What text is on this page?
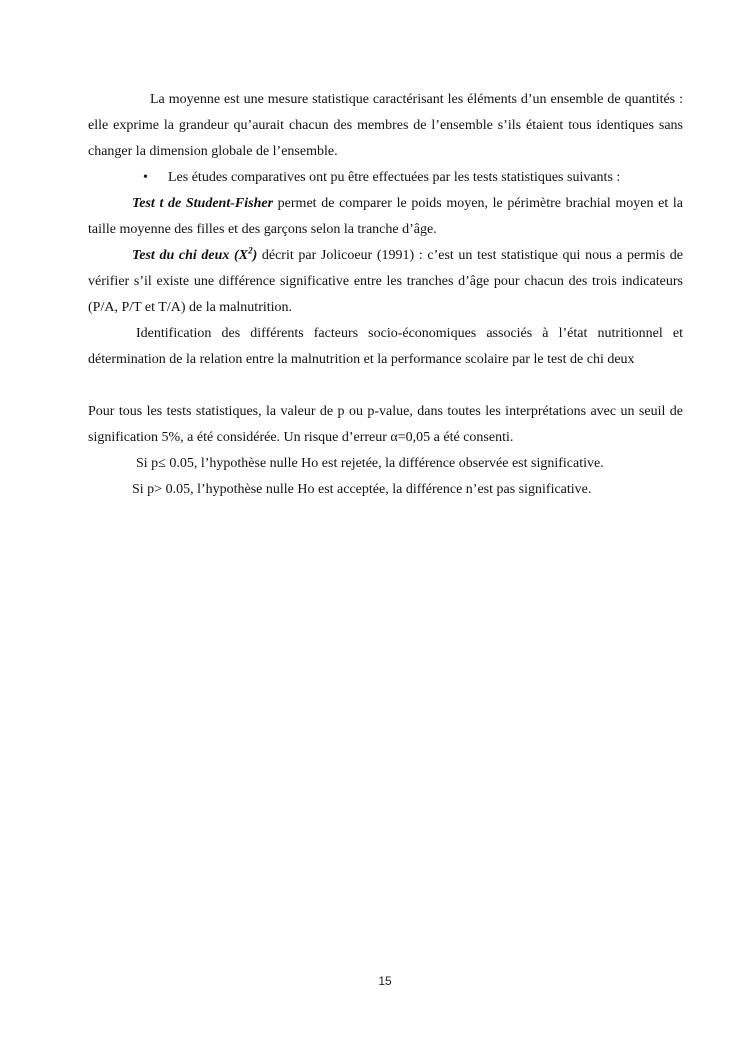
La moyenne est une mesure statistique caractérisant les éléments d’un ensemble de quantités : elle exprime la grandeur qu’aurait chacun des membres de l’ensemble s’ils étaient tous identiques sans changer la dimension globale de l’ensemble.

• Les études comparatives ont pu être effectuées par les tests statistiques suivants :

Test t de Student-Fisher permet de comparer le poids moyen, le périmètre brachial moyen et la taille moyenne des filles et des garçons selon la tranche d’âge.

Test du chi deux $(X^2)$ décrit par Jolicoeur (1991) : c’est un test statistique qui nous a permis de vérifier s’il existe une différence significative entre les tranches d’âge pour chacun des trois indicateurs (P/A, P/T et T/A) de la malnutrition.

Identification des différents facteurs socio-économiques associés à l’état nutritionnel et détermination de la relation entre la malnutrition et la performance scolaire par le test de chi deux

Pour tous les tests statistiques, la valeur de p ou p-value, dans toutes les interprétations avec un seuil de signification 5%, a été considérée. Un risque d’erreur α=0,05 a été consenti.

Si p≤ 0.05, l’hypothèse nulle Ho est rejetée, la différence observée est significative.

Si p> 0.05, l’hypothèse nulle Ho est acceptée, la différence n’est pas significative.

15
